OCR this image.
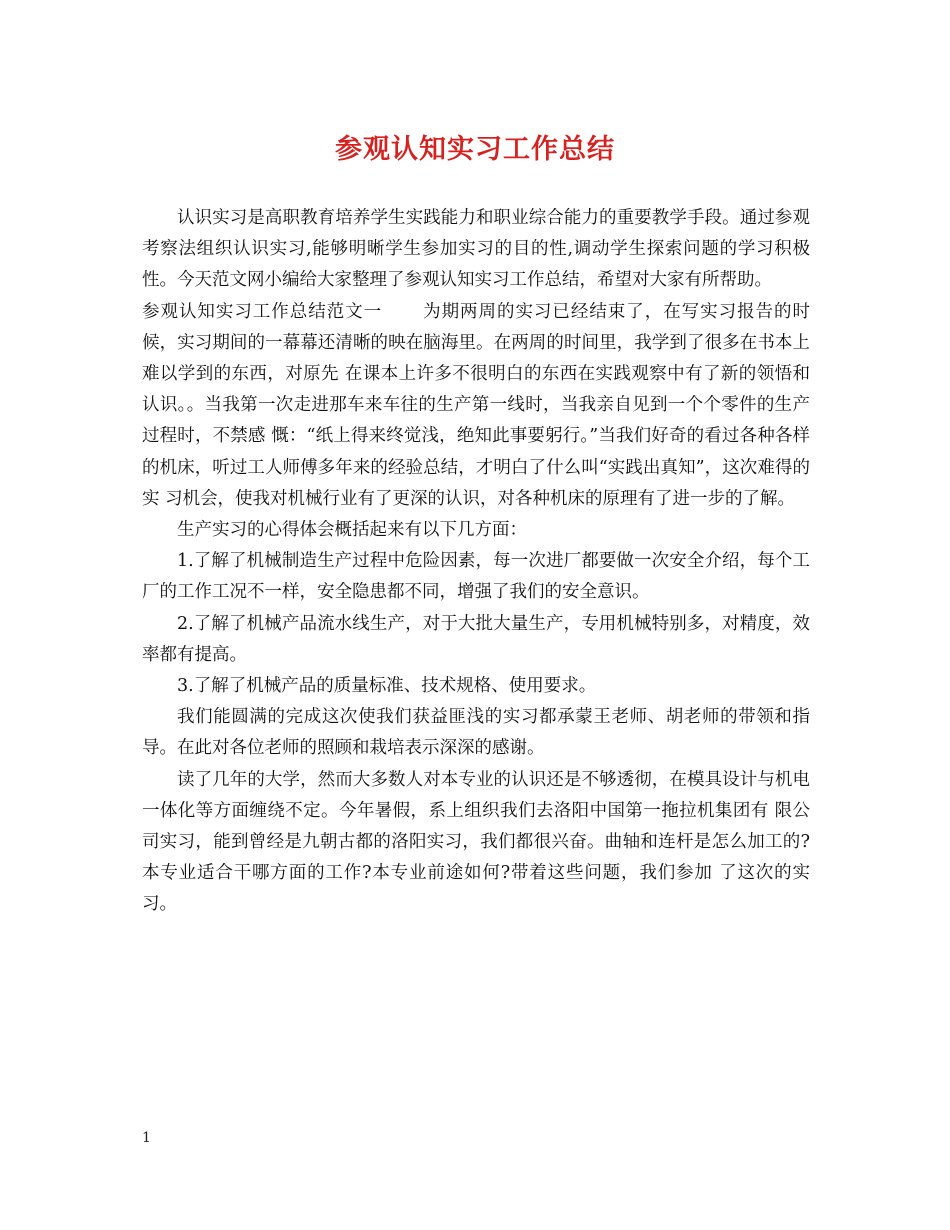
参观认知实习工作总结

认识实习是高职教育培养学生实践能力和职业综合能力的重要教学手段。通过参观考察法组织认识实习,能够明晰学生参加实习的目的性,调动学生探索问题的学习积极性。今天范文网小编给大家整理了参观认知实习工作总结，希望对大家有所帮助。

参观认知实习工作总结范文一 为期两周的实习已经结束了，在写实习报告的时候，实习期间的一幕幕还清晰的映在脑海里。在两周的时间里，我学到了很多在书本上难以学到的东西，对原先 在课本上许多不很明白的东西在实践观察中有了新的领悟和认识。。当我第一次走进那车来车往的生产第一线时，当我亲自见到一个个零件的生产过程时，不禁感 慨：“纸上得来终觉浅，绝知此事要躬行。”当我们好奇的看过各种各样的机床，听过工人师傅多年来的经验总结，才明白了什么叫“实践出真知”，这次难得的实 习机会，使我对机械行业有了更深的认识，对各种机床的原理有了进一步的了解。

生产实习的心得体会概括起来有以下几方面：

1.了解了机械制造生产过程中危险因素，每一次进厂都要做一次安全介绍，每个工厂的工作工况不一样，安全隐患都不同，增强了我们的安全意识。

2.了解了机械产品流水线生产，对于大批大量生产，专用机械特别多，对精度，效率都有提高。

3.了解了机械产品的质量标准、技术规格、使用要求。

我们能圆满的完成这次使我们获益匪浅的实习都承蒙王老师、胡老师的带领和指导。在此对各位老师的照顾和栽培表示深深的感谢。

读了几年的大学，然而大多数人对本专业的认识还是不够透彻，在模具设计与机电一体化等方面缠绕不定。今年暑假，系上组织我们去洛阳中国第一拖拉机集团有 限公司实习，能到曾经是九朝古都的洛阳实习，我们都很兴奋。曲轴和连杆是怎么加工的?本专业适合干哪方面的工作?本专业前途如何?带着这些问题，我们参加 了这次的实习。

1
